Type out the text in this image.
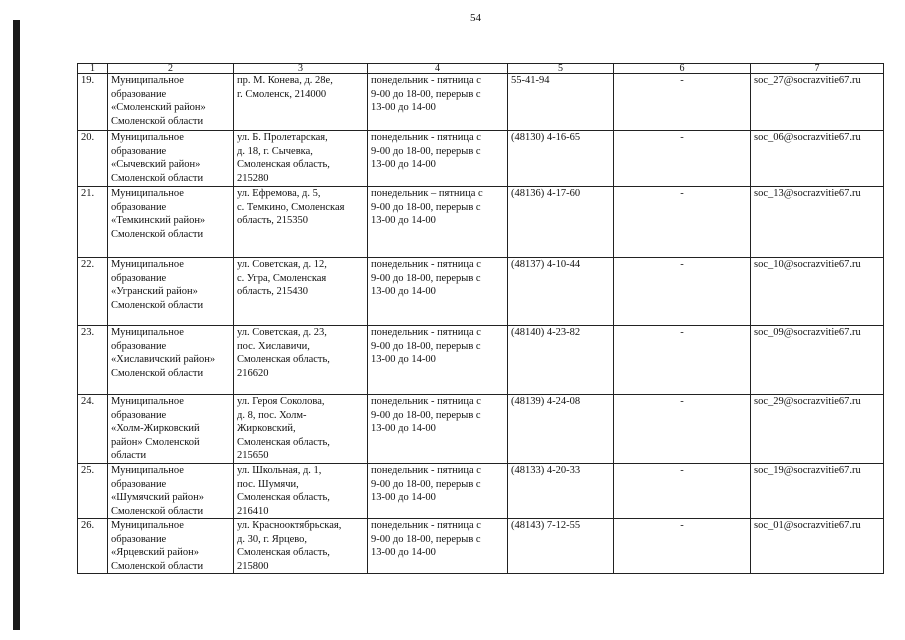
54
1	2	3	4	5	6	7
19.	Муниципальное
образование
«Смоленский район»
Смоленской области	пр. М. Конева, д. 28е,
г. Смоленск, 214000	понедельник - пятница с
9-00 до 18-00, перерыв с
13-00 до 14-00	55-41-94	-	soc_27@socrazvitie67.ru
20.	Муниципальное
образование
«Сычевский район»
Смоленской области	ул. Б. Пролетарская,
д. 18, г. Сычевка,
Смоленская область,
215280	понедельник - пятница с
9-00 до 18-00, перерыв с
13-00 до 14-00	(48130) 4-16-65	-	soc_06@socrazvitie67.ru
21.	Муниципальное
образование
«Темкинский район»
Смоленской области	ул. Ефремова, д. 5,
с. Темкино, Смоленская
область, 215350	понедельник – пятница с
9-00 до 18-00, перерыв с
13-00 до 14-00	(48136) 4-17-60	-	soc_13@socrazvitie67.ru
22.	Муниципальное
образование
«Угранский район»
Смоленской области	ул. Советская, д. 12,
с. Угра, Смоленская
область, 215430	понедельник - пятница с
9-00 до 18-00, перерыв с
13-00 до 14-00	(48137) 4-10-44	-	soc_10@socrazvitie67.ru
23.	Муниципальное
образование
«Хиславичский район»
Смоленской области	ул. Советская, д. 23,
пос. Хиславичи,
Смоленская область,
216620	понедельник - пятница с
9-00 до 18-00, перерыв с
13-00 до 14-00	(48140) 4-23-82	-	soc_09@socrazvitie67.ru
24.	Муниципальное
образование
«Холм-Жирковский
район» Смоленской
области	ул. Героя Соколова,
д. 8, пос. Холм-
Жирковский,
Смоленская область,
215650	понедельник - пятница с
9-00 до 18-00, перерыв с
13-00 до 14-00	(48139) 4-24-08	-	soc_29@socrazvitie67.ru
25.	Муниципальное
образование
«Шумячский район»
Смоленской области	ул. Школьная, д. 1,
пос. Шумячи,
Смоленская область,
216410	понедельник - пятница с
9-00 до 18-00, перерыв с
13-00 до 14-00	(48133) 4-20-33	-	soc_19@socrazvitie67.ru
26.	Муниципальное
образование
«Ярцевский район»
Смоленской области	ул. Краснооктябрьская,
д. 30, г. Ярцево,
Смоленская область,
215800	понедельник - пятница с
9-00 до 18-00, перерыв с
13-00 до 14-00	(48143) 7-12-55	-	soc_01@socrazvitie67.ru
